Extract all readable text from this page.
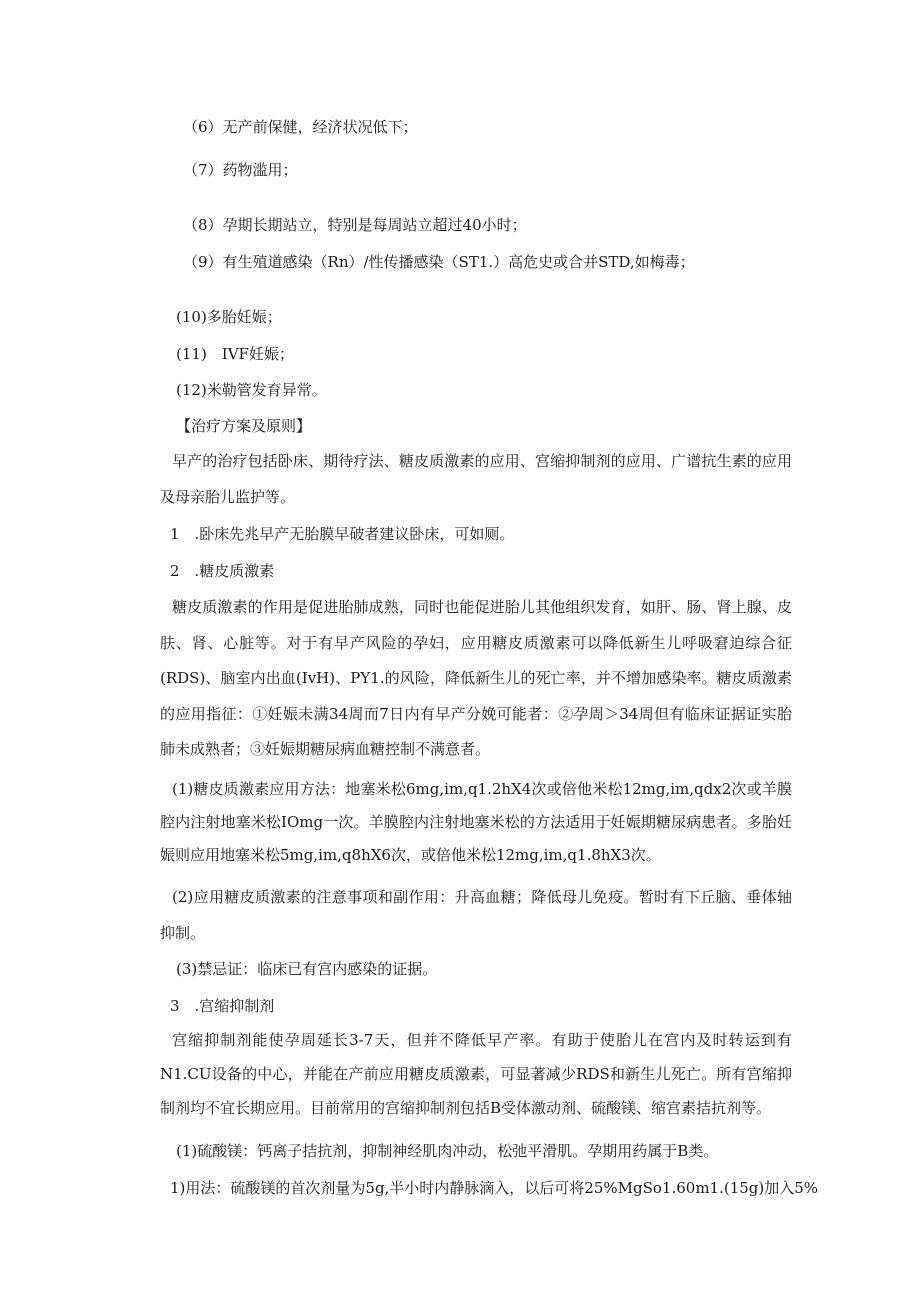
（6）无产前保健，经济状况低下；

（7）药物滥用；

（8）孕期长期站立，特别是每周站立超过40小时；

（9）有生殖道感染（Rn）/性传播感染（ST1.）高危史或合并STD,如梅毒；

(10)多胎妊娠；

(11)　IVF妊娠；

(12)米勒管发育异常。

【治疗方案及原则】

早产的治疗包括卧床、期待疗法、糖皮质激素的应用、宫缩抑制剂的应用、广谱抗生素的应用及母亲胎儿监护等。

1　.卧床先兆早产无胎膜早破者建议卧床，可如厕。

2　.糖皮质激素

糖皮质激素的作用是促进胎肺成熟，同时也能促进胎儿其他组织发育，如肝、肠、肾上腺、皮肤、肾、心脏等。对于有早产风险的孕妇，应用糖皮质激素可以降低新生儿呼吸窘迫综合征(RDS)、脑室内出血(IvH)、PY1.的风险，降低新生儿的死亡率，并不增加感染率。糖皮质激素的应用指征：①妊娠未满34周而7日内有早产分娩可能者：②孕周＞34周但有临床证据证实胎肺未成熟者；③妊娠期糖尿病血糖控制不满意者。

(1)糖皮质激素应用方法：地塞米松6mg,im,q1.2hX4次或倍他米松12mg,im,qdx2次或羊膜腔内注射地塞米松IOmg一次。羊膜腔内注射地塞米松的方法适用于妊娠期糖尿病患者。多胎妊娠则应用地塞米松5mg,im,q8hX6次，或倍他米松12mg,im,q1.8hX3次。

(2)应用糖皮质激素的注意事项和副作用：升高血糖；降低母儿免疫。暂时有下丘脑、垂体轴抑制。

(3)禁忌证：临床已有宫内感染的证据。

3　.宫缩抑制剂

宫缩抑制剂能使孕周延长3-7天，但并不降低早产率。有助于使胎儿在宫内及时转运到有N1.CU设备的中心，并能在产前应用糖皮质激素，可显著减少RDS和新生儿死亡。所有宫缩抑制剂均不宜长期应用。目前常用的宫缩抑制剂包括B受体激动剂、硫酸镁、缩宫素拮抗剂等。

(1)硫酸镁：钙离子拮抗剂，抑制神经肌肉冲动，松弛平滑肌。孕期用药属于B类。

1)用法：硫酸镁的首次剂量为5g,半小时内静脉滴入，以后可将25%MgSo1.60m1.(15g)加入5%
